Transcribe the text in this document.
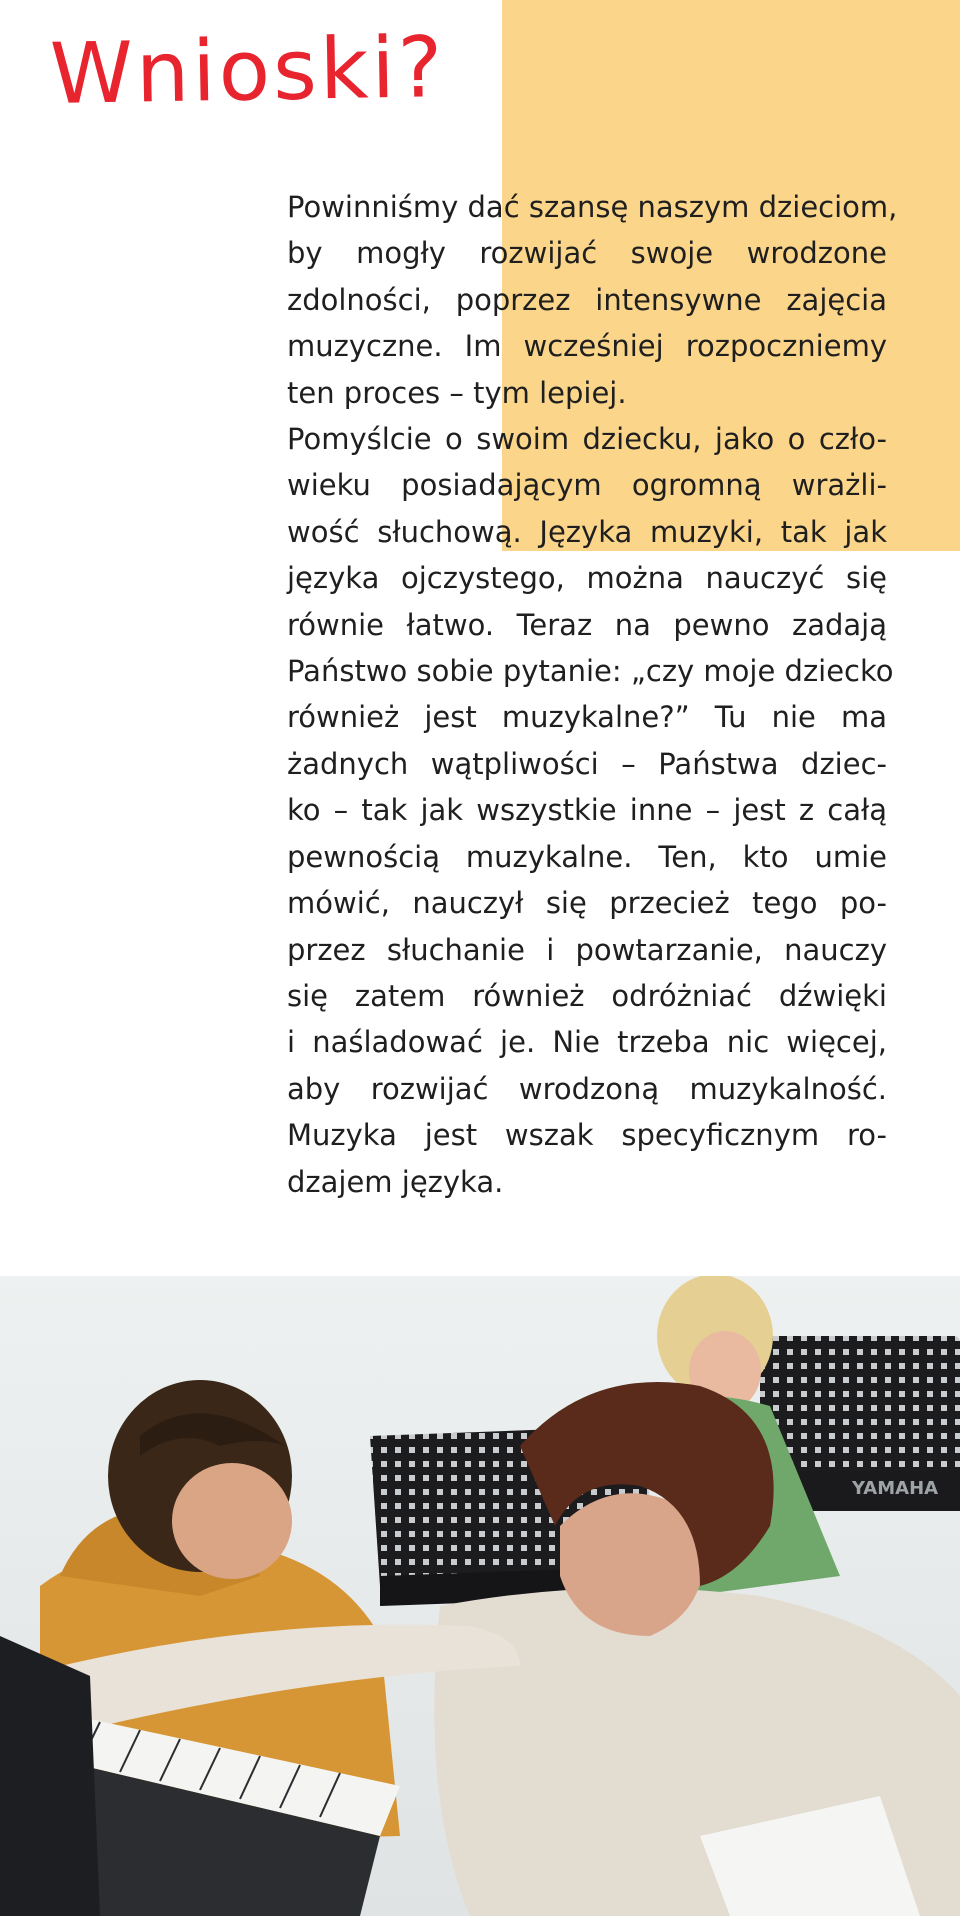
Wnioski?
Powinniśmy dać szansę naszym dzieciom,
by mogły rozwijać swoje wrodzone
zdolności, poprzez intensywne zajęcia
muzyczne. Im wcześniej rozpoczniemy
ten proces – tym lepiej.
Pomyślcie o swoim dziecku, jako o czło-
wieku posiadającym ogromną wrażli-
wość słuchową. Języka muzyki, tak jak
języka ojczystego, można nauczyć się
równie łatwo. Teraz na pewno zadają
Państwo sobie pytanie: „czy moje dziecko
również jest muzykalne?” Tu nie ma
żadnych wątpliwości – Państwa dziec-
ko – tak jak wszystkie inne – jest z całą
pewnością muzykalne. Ten, kto umie
mówić, nauczył się przecież tego po-
przez słuchanie i powtarzanie, nauczy
się zatem również odróżniać dźwięki
i naśladować je. Nie trzeba nic więcej,
aby rozwijać wrodzoną muzykalność.
Muzyka jest wszak specyficznym ro-
dzajem języka.
YAMAHA
